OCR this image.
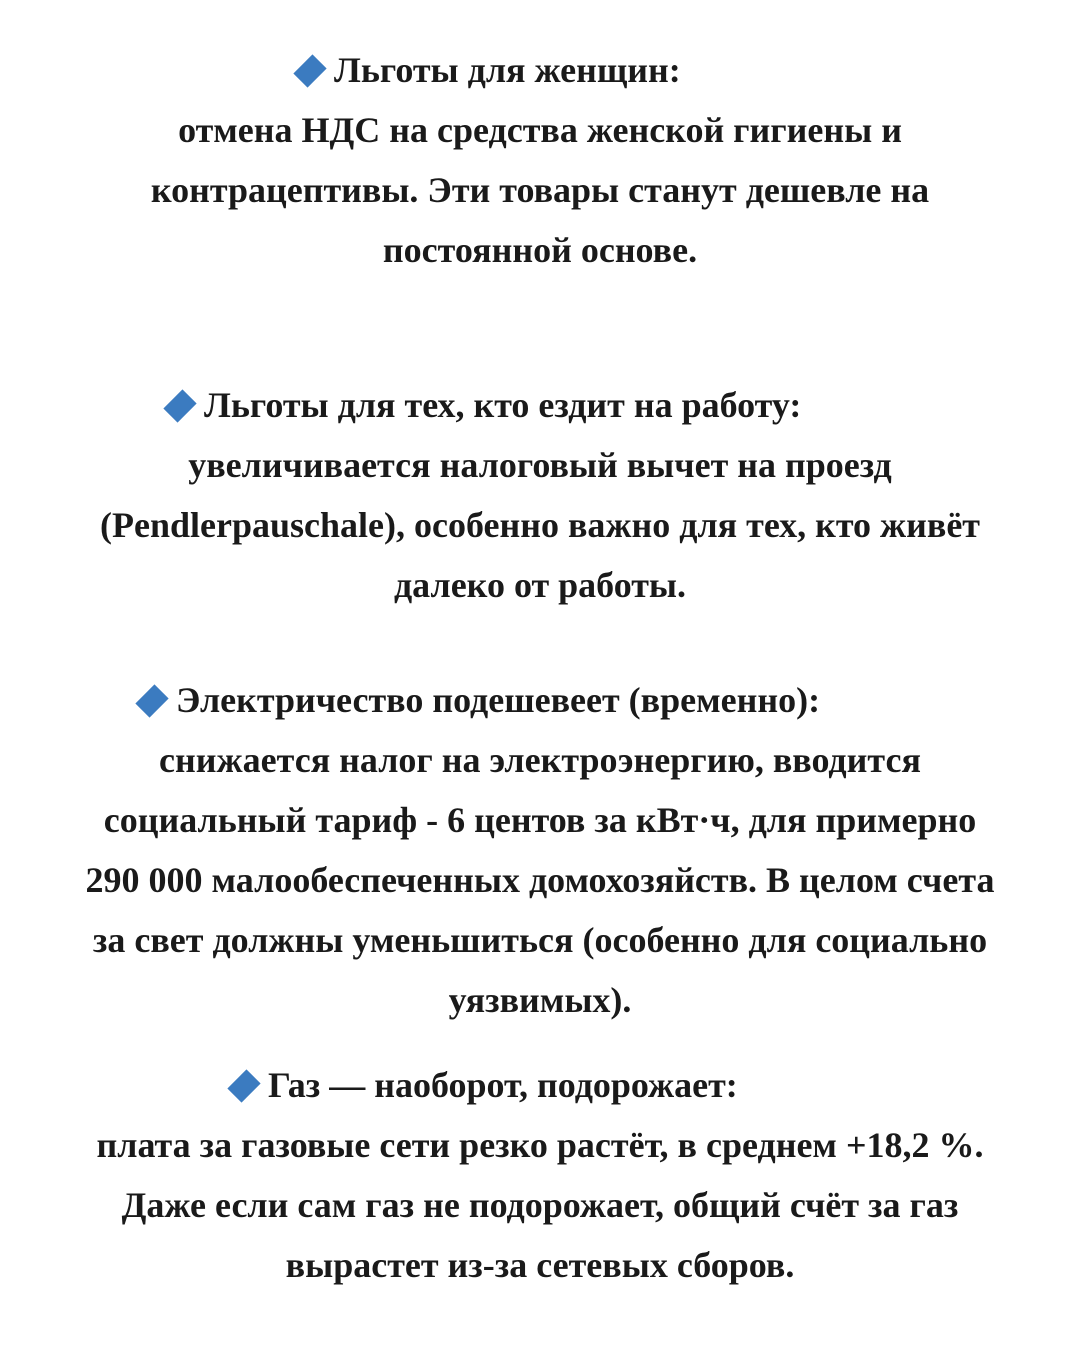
Льготы для женщин:
отмена НДС на средства женской гигиены и
контрацептивы. Эти товары станут дешевле на
постоянной основе.
Льготы для тех, кто ездит на работу:
увеличивается налоговый вычет на проезд
(Pendlerpauschale), особенно важно для тех, кто живёт
далеко от работы.
Электричество подешевеет (временно):
снижается налог на электроэнергию, вводится
социальный тариф - 6 центов за кВт·ч, для примерно
290 000 малообеспеченных домохозяйств. В целом счета
за свет должны уменьшиться (особенно для социально
уязвимых).
Газ — наоборот, подорожает:
плата за газовые сети резко растёт, в среднем +18,2 %.
Даже если сам газ не подорожает, общий счёт за газ
вырастет из-за сетевых сборов.
